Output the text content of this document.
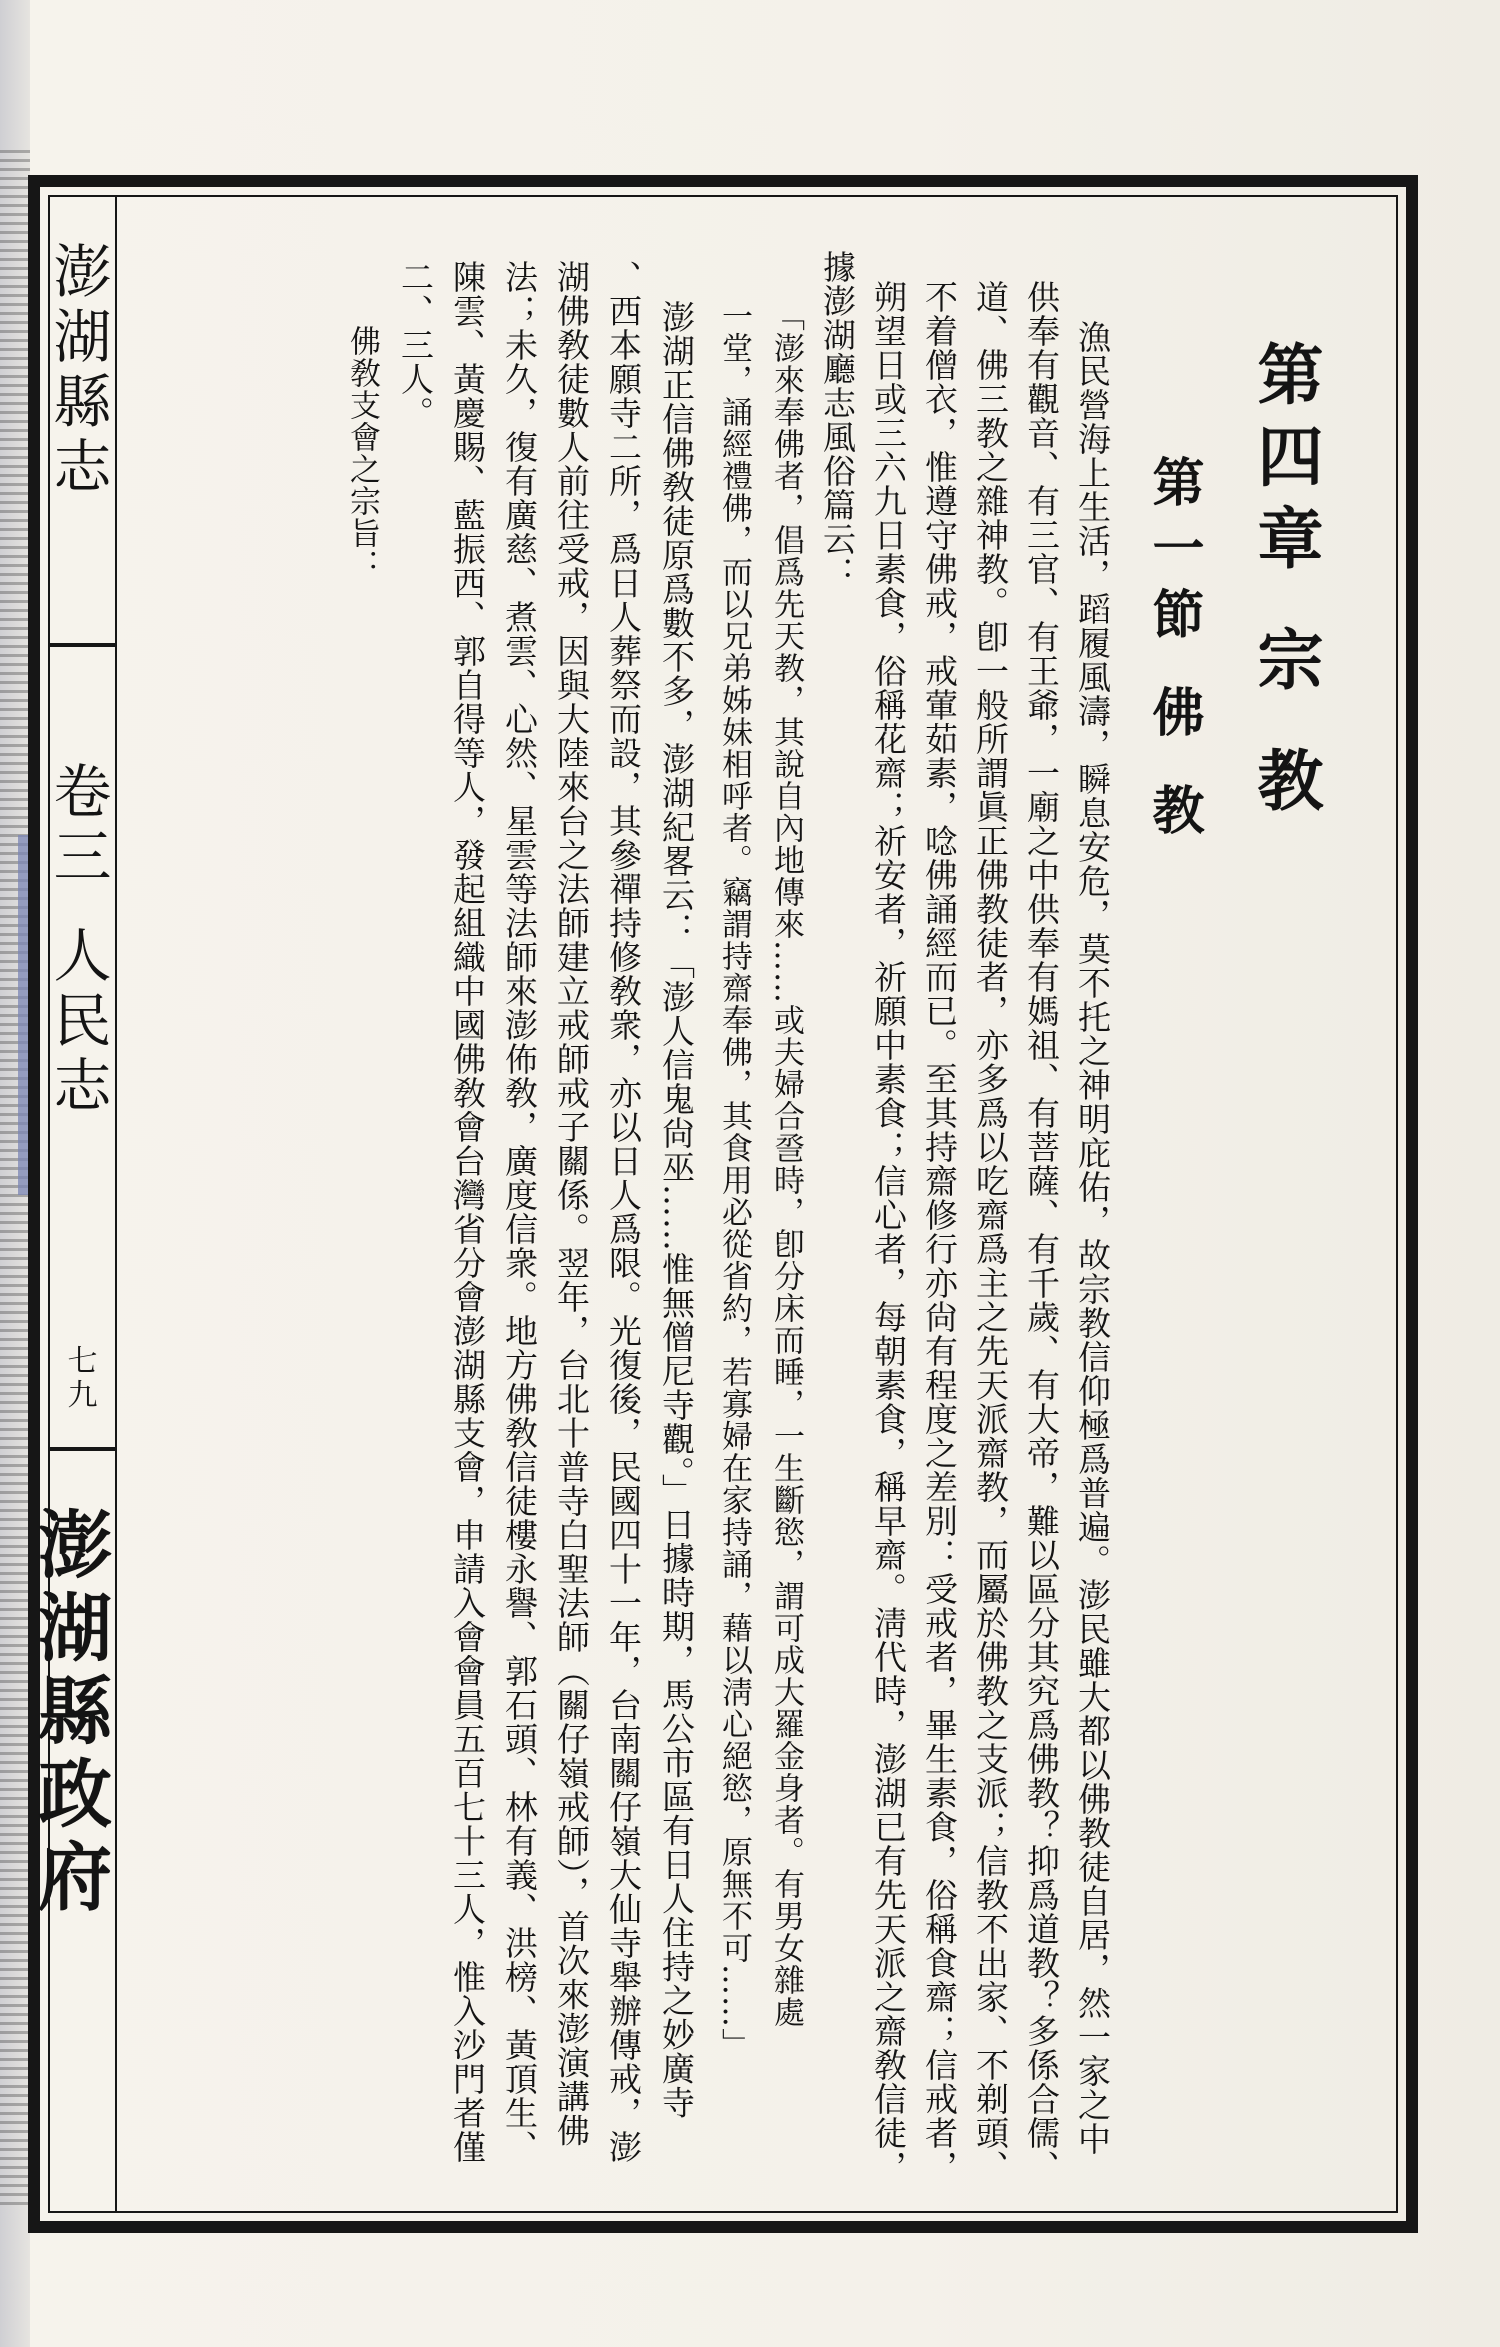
澎
湖
縣
志
卷
三
人
民
志
七
九
澎
湖
縣
政
府
第四章 宗 教
第一節 佛 教
漁民營海上生活，蹈履風濤，瞬息安危，莫不托之神明庇佑，故宗教信仰極爲普遍。澎民雖大都以佛教徒自居，然一家之中
供奉有觀音、有三官、有王爺，一廟之中供奉有媽祖、有菩薩、有千歲、有大帝，難以區分其究爲佛教？抑爲道教？多係合儒、
道、佛三教之雜神教。卽一般所謂眞正佛教徒者，亦多爲以吃齋爲主之先天派齋教，而屬於佛教之支派；信教不出家、不剃頭、
不着僧衣，惟遵守佛戒，戒葷茹素，唸佛誦經而已。至其持齋修行亦尙有程度之差別：受戒者，畢生素食，俗稱食齋；信戒者，
朔望日或三六九日素食，俗稱花齋；祈安者，祈願中素食；信心者，每朝素食，稱早齋。淸代時，澎湖已有先天派之齋敎信徒，
據澎湖廳志風俗篇云：
「澎來奉佛者，倡爲先天教，其說自內地傳來……或夫婦合巹時，卽分床而睡，一生斷慾，謂可成大羅金身者。有男女雜處
一堂，誦經禮佛，而以兄弟姊妹相呼者。竊謂持齋奉佛，其食用必從省約，若寡婦在家持誦，藉以淸心絕慾，原無不可……」
澎湖正信佛敎徒原爲數不多，澎湖紀畧云：「澎人信鬼尙巫……惟無僧尼寺觀。」日據時期，馬公市區有日人住持之妙廣寺
、西本願寺二所，爲日人葬祭而設，其參禪持修敎衆，亦以日人爲限。光復後，民國四十一年，台南關仔嶺大仙寺舉辦傳戒，澎
湖佛敎徒數人前往受戒，因與大陸來台之法師建立戒師戒子關係。翌年，台北十普寺白聖法師（關仔嶺戒師），首次來澎演講佛
法；未久，復有廣慈、煮雲、心然、星雲等法師來澎佈敎，廣度信衆。地方佛敎信徒樓永譽、郭石頭、林有義、洪榜、黃頂生、
陳雲、黃慶賜、藍振西、郭自得等人，發起組織中國佛敎會台灣省分會澎湖縣支會，申請入會會員五百七十三人，惟入沙門者僅
二、三人。
佛敎支會之宗旨：
